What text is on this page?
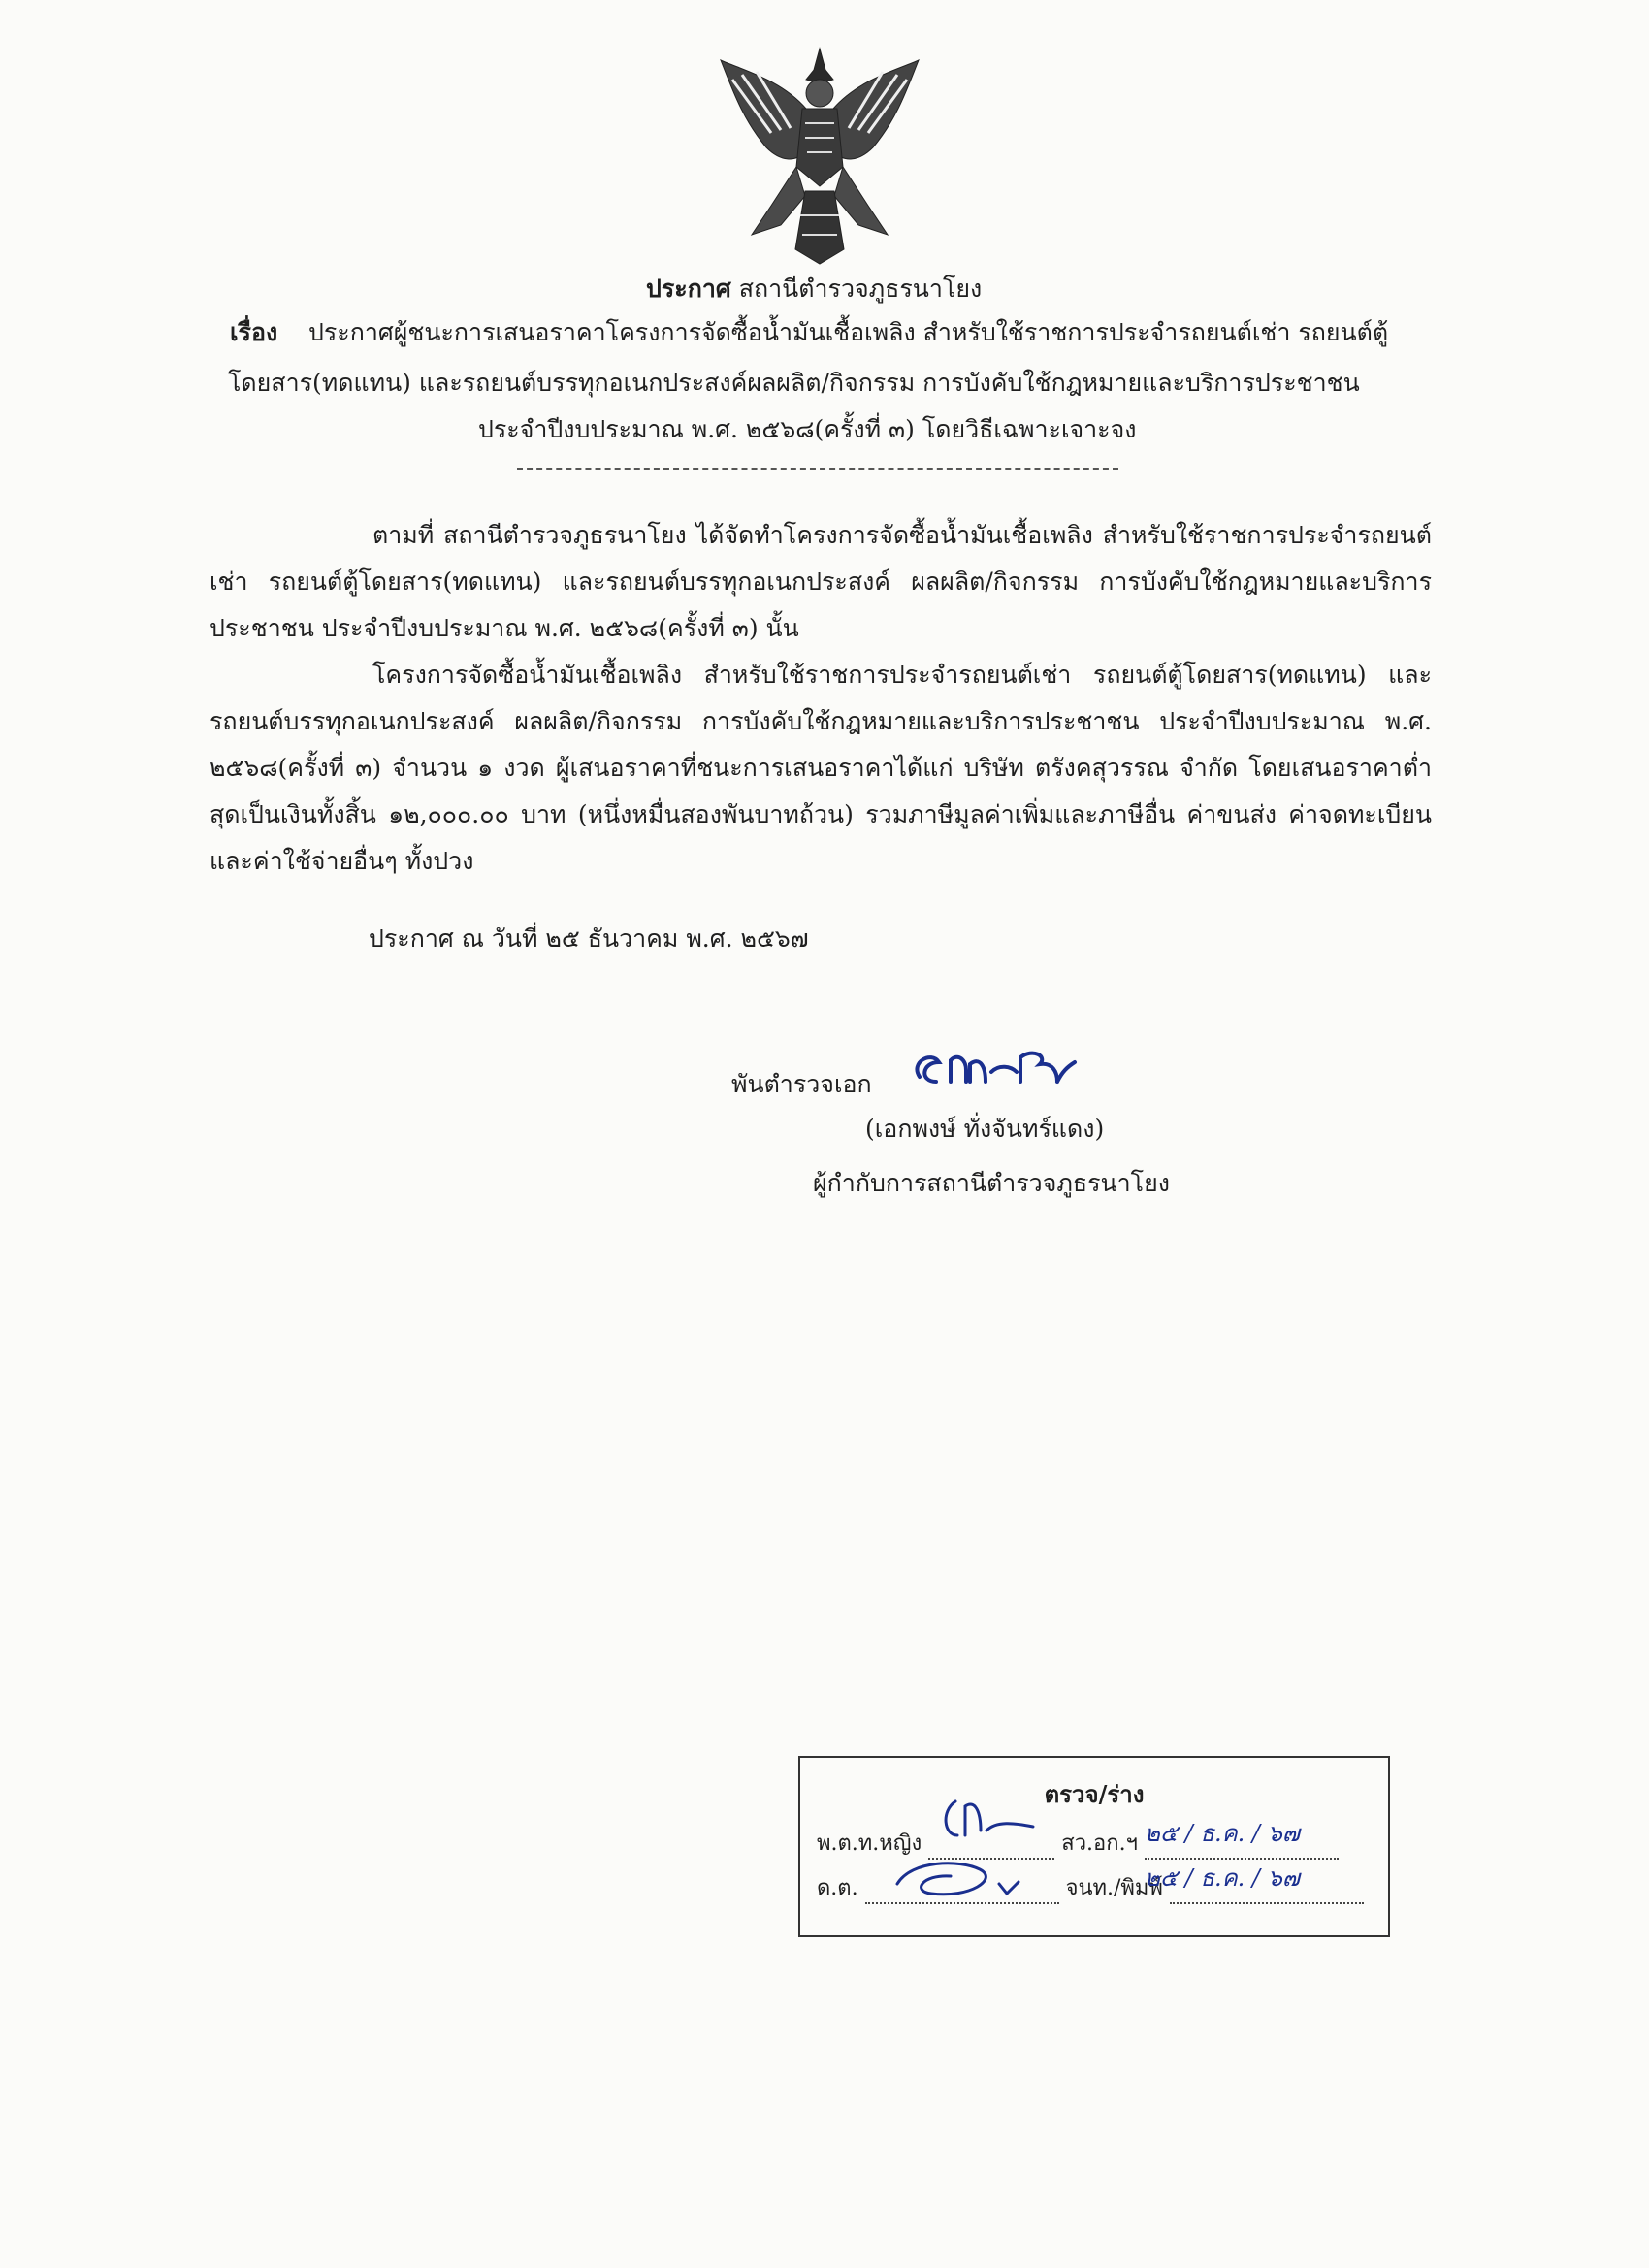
ประกาศ สถานีตำรวจภูธรนาโยง
เรื่อง ประกาศผู้ชนะการเสนอราคาโครงการจัดซื้อน้ำมันเชื้อเพลิง สำหรับใช้ราชการประจำรถยนต์เช่า รถยนต์ตู้
โดยสาร(ทดแทน) และรถยนต์บรรทุกอเนกประสงค์ผลผลิต/กิจกรรม การบังคับใช้กฎหมายและบริการประชาชน
ประจำปีงบประมาณ พ.ศ. ๒๕๖๘(ครั้งที่ ๓) โดยวิธีเฉพาะเจาะจง
ตามที่ สถานีตำรวจภูธรนาโยง ได้จัดทำโครงการจัดซื้อน้ำมันเชื้อเพลิง สำหรับใช้ราชการประจำรถยนต์เช่า รถยนต์ตู้โดยสาร(ทดแทน) และรถยนต์บรรทุกอเนกประสงค์ ผลผลิต/กิจกรรม การบังคับใช้กฎหมายและบริการประชาชน ประจำปีงบประมาณ พ.ศ. ๒๕๖๘(ครั้งที่ ๓) นั้น
โครงการจัดซื้อน้ำมันเชื้อเพลิง สำหรับใช้ราชการประจำรถยนต์เช่า รถยนต์ตู้โดยสาร(ทดแทน) และรถยนต์บรรทุกอเนกประสงค์ ผลผลิต/กิจกรรม การบังคับใช้กฎหมายและบริการประชาชน ประจำปีงบประมาณ พ.ศ. ๒๕๖๘(ครั้งที่ ๓) จำนวน ๑ งวด ผู้เสนอราคาที่ชนะการเสนอราคาได้แก่ บริษัท ตรังคสุวรรณ จำกัด โดยเสนอราคาต่ำสุดเป็นเงินทั้งสิ้น ๑๒,๐๐๐.๐๐ บาท (หนึ่งหมื่นสองพันบาทถ้วน) รวมภาษีมูลค่าเพิ่มและภาษีอื่น ค่าขนส่ง ค่าจดทะเบียน และค่าใช้จ่ายอื่นๆ ทั้งปวง
ประกาศ ณ วันที่ ๒๕ ธันวาคม พ.ศ. ๒๕๖๗
พันตำรวจเอก
(เอกพงษ์ ทั่งจันทร์แดง)
ผู้กำกับการสถานีตำรวจภูธรนาโยง
ตรวจ/ร่าง
พ.ต.ท.หญิง	สว.อก.ฯ
ด.ต.	จนท./พิมพ์
๒๕ / ธ.ค. / ๖๗
๒๕ / ธ.ค. / ๖๗
